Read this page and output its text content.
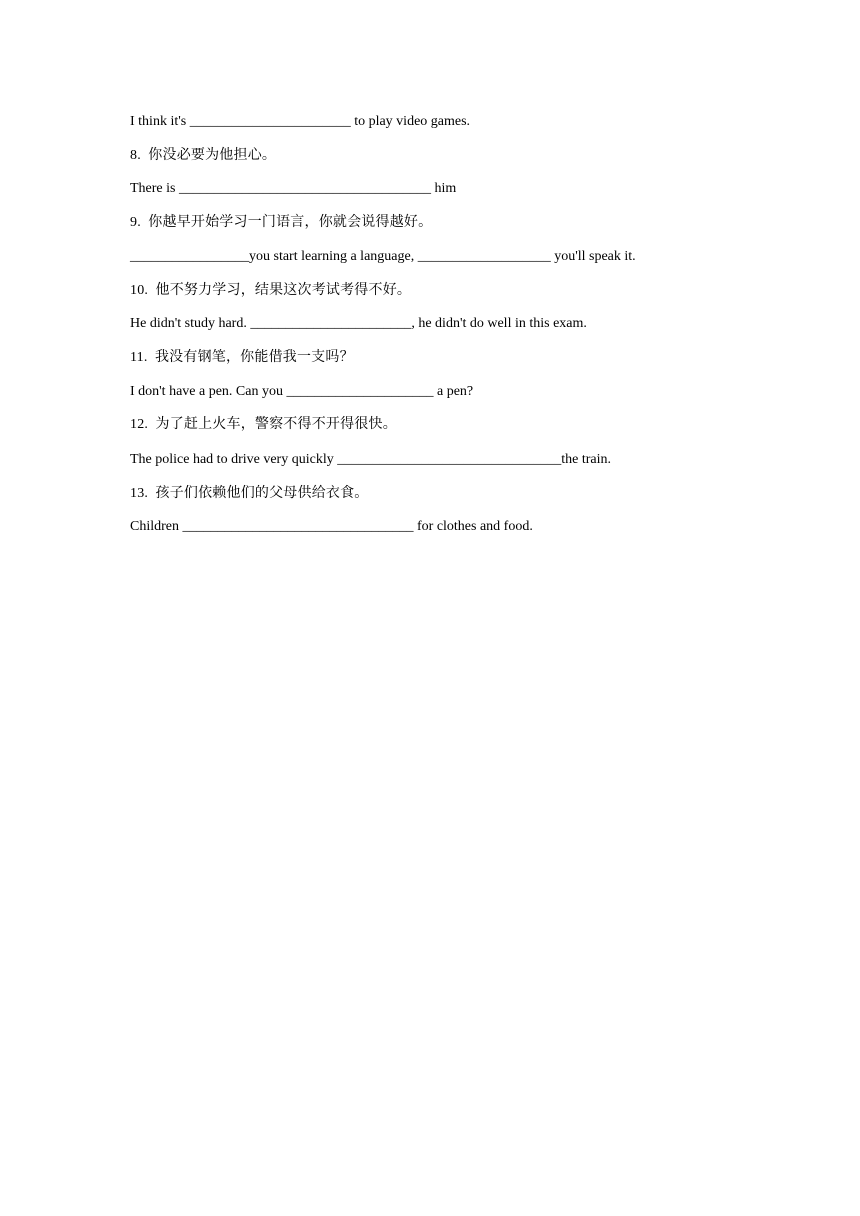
I think it's _______________________ to play video games.
8.  你没必要为他担心。
There is ____________________________________ him
9.  你越早开始学习一门语言，你就会说得越好。
_________________you start learning a language, ___________________ you'll speak it.
10.  他不努力学习，结果这次考试考得不好。
He didn't study hard. _______________________, he didn't do well in this exam.
11.  我没有钢笔，你能借我一支吗？
I don't have a pen. Can you _____________________ a pen?
12.  为了赶上火车，警察不得不开得很快。
The police had to drive very quickly ________________________________the train.
13.  孩子们依赖他们的父母供给衣食。
Children _________________________________ for clothes and food.
